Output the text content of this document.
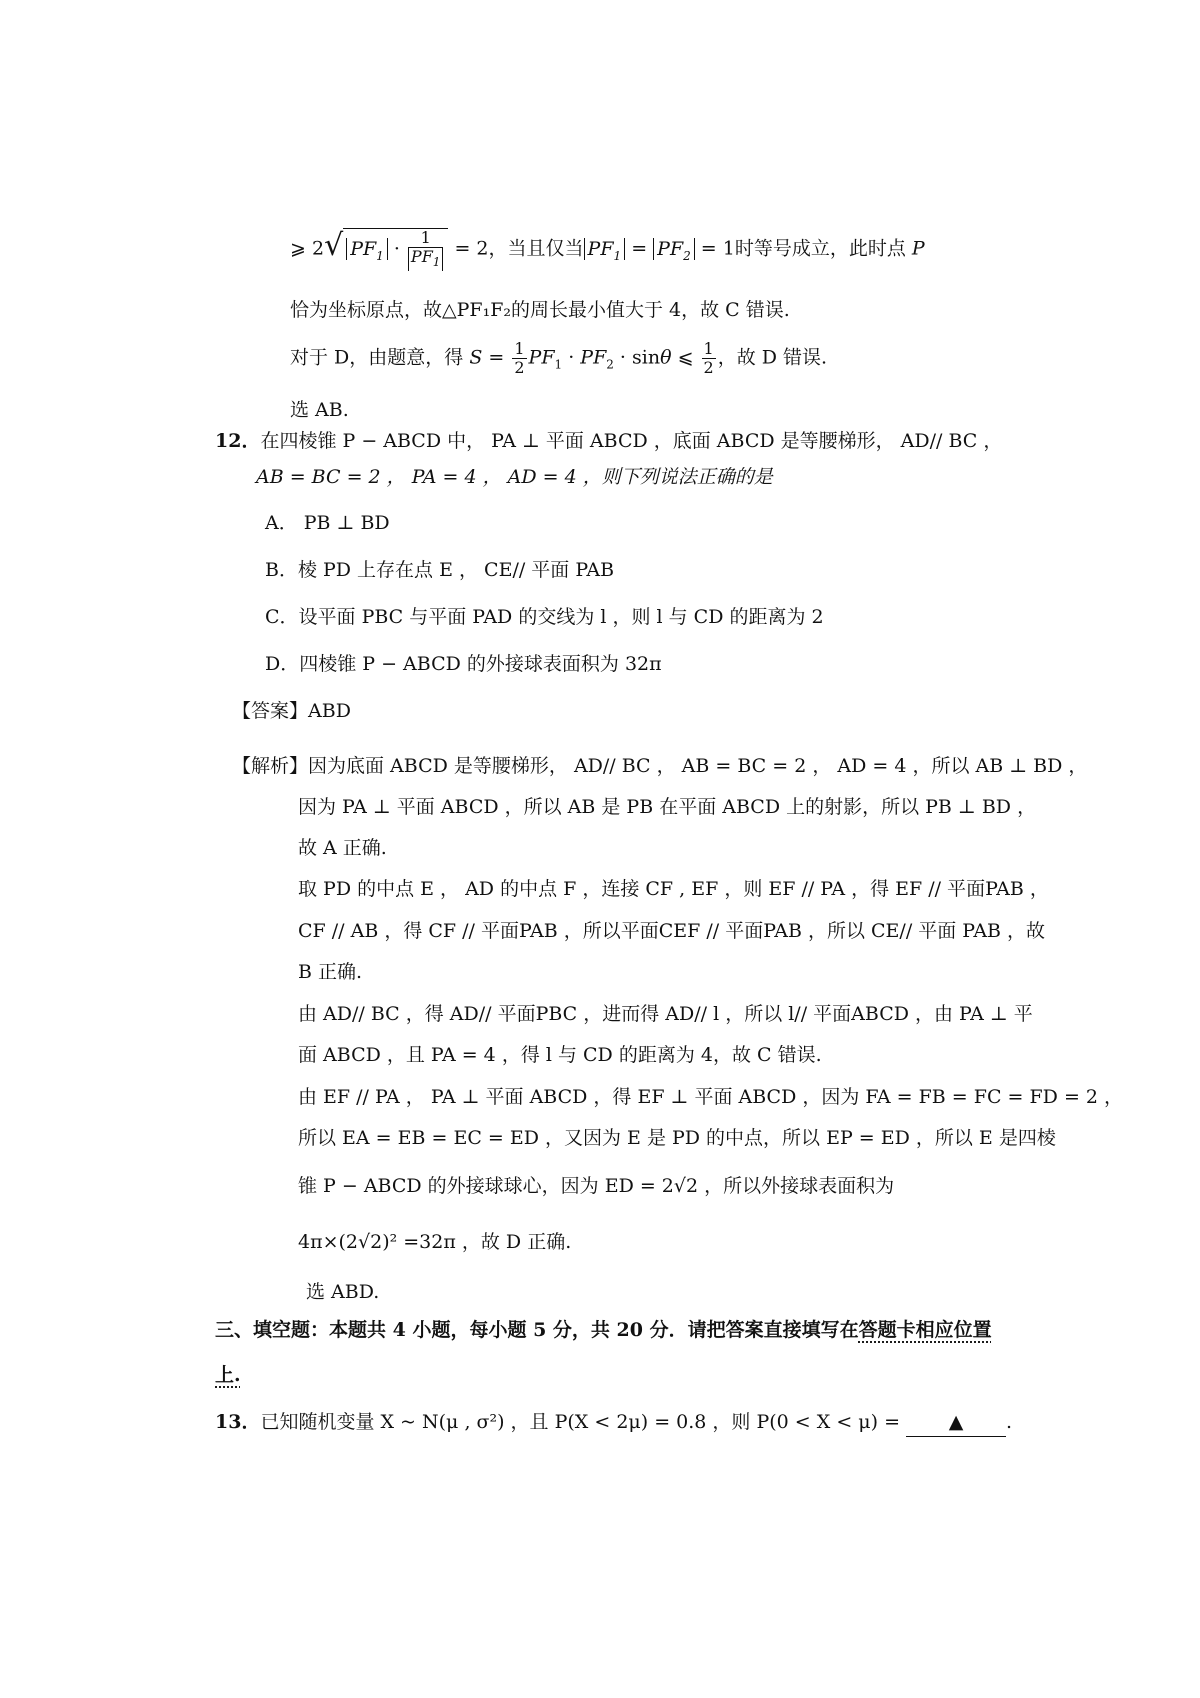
⩾ 2√ $PF_1 \cdot \frac{1}{PF_1} = 2$，当且仅当 $PF_1 = PF_2 = 1$时等号成立，此时点 P
恰为坐标原点，故△PF₁F₂的周长最小值大于 4，故 C 错误.
对于 D，由题意，得 $S = \frac{1}{2} PF_1 \cdot PF_2 \cdot \sin\theta$ ⩽ $\frac{1}{2}$ ，故 D 错误.
选 AB.
12．在四棱锥 P − ABCD 中， PA ⊥ 平面 ABCD ，底面 ABCD 是等腰梯形， AD// BC ，
AB = BC = 2 ， PA = 4 ， AD = 4 ，则下列说法正确的是
A． PB ⊥ BD
B．棱 PD 上存在点 E ， CE// 平面 PAB
C．设平面 PBC 与平面 PAD 的交线为 l ，则 l 与 CD 的距离为 2
D．四棱锥 P − ABCD 的外接球表面积为 32π
【答案】ABD
【解析】因为底面 ABCD 是等腰梯形， AD// BC ， AB = BC = 2 ， AD = 4 ，所以 AB ⊥ BD ，
因为 PA ⊥ 平面 ABCD ，所以 AB 是 PB 在平面 ABCD 上的射影，所以 PB ⊥ BD ，
故 A 正确.
取 PD 的中点 E ， AD 的中点 F ，连接 CF , EF ，则 EF // PA ，得 EF // 平面PAB ，
CF // AB ，得 CF // 平面PAB ，所以平面CEF // 平面PAB ，所以 CE// 平面 PAB ，故
B 正确.
由 AD// BC ，得 AD// 平面PBC ，进而得 AD// l ，所以 l// 平面ABCD ，由 PA ⊥ 平
面 ABCD ，且 PA = 4 ，得 l 与 CD 的距离为 4，故 C 错误.
由 EF // PA ， PA ⊥ 平面 ABCD ，得 EF ⊥ 平面 ABCD ，因为 FA = FB = FC = FD = 2 ，
所以 EA = EB = EC = ED ，又因为 E 是 PD 的中点，所以 EP = ED ，所以 E 是四棱
锥 P − ABCD 的外接球球心，因为 ED = 2√2 ，所以外接球表面积为
4π×(2√2)² =32π ，故 D 正确.
选 ABD.
三、填空题：本题共 4 小题，每小题 5 分，共 20 分．请把答案直接填写在答题卡相应位置
上.
13．已知随机变量 X ~ N(μ , σ²) ，且 P(X < 2μ) = 0.8 ，则 P(0 < X < μ) =	▲ .
